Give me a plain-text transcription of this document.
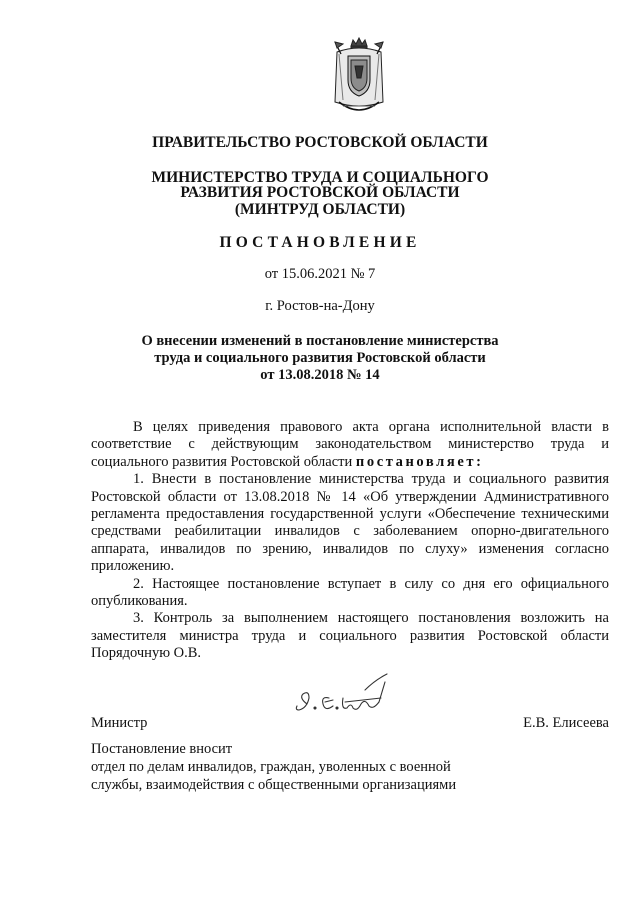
ПРАВИТЕЛЬСТВО РОСТОВСКОЙ ОБЛАСТИ
МИНИСТЕРСТВО ТРУДА И СОЦИАЛЬНОГО
РАЗВИТИЯ РОСТОВСКОЙ ОБЛАСТИ
(МИНТРУД ОБЛАСТИ)
ПОСТАНОВЛЕНИЕ
от 15.06.2021 № 7
г. Ростов-на-Дону
О внесении изменений в постановление министерства
труда и социального развития Ростовской области
от 13.08.2018 № 14

В целях приведения правового акта органа исполнительной власти в соответствие с действующим законодательством министерство труда и социального развития Ростовской области постановляет:

1. Внести в постановление министерства труда и социального развития Ростовской области от 13.08.2018 № 14 «Об утверждении Административного регламента предоставления государственной услуги «Обеспечение техническими средствами реабилитации инвалидов с заболеванием опорно-двигательного аппарата, инвалидов по зрению, инвалидов по слуху» изменения согласно приложению.

2. Настоящее постановление вступает в силу со дня его официального опубликования.

3. Контроль за выполнением настоящего постановления возложить на заместителя министра труда и социального развития Ростовской области Порядочную О.В.

Министр	Е.В. Елисеева
Постановление вносит
отдел по делам инвалидов, граждан, уволенных с военной
службы, взаимодействия с общественными организациями
